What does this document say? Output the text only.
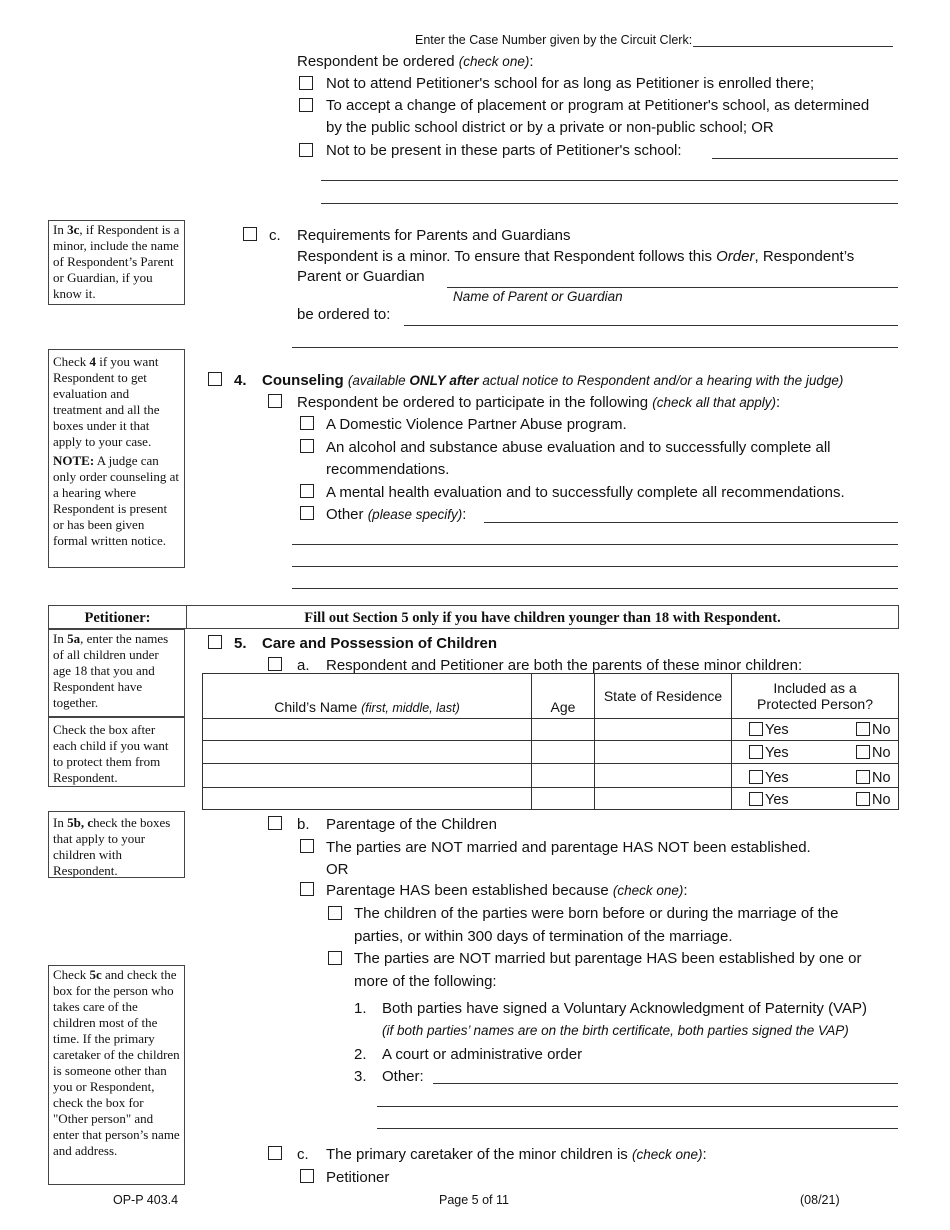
Enter the Case Number given by the Circuit Clerk:
Respondent be ordered (check one):
Not to attend Petitioner's school for as long as Petitioner is enrolled there;
To accept a change of placement or program at Petitioner's school, as determined
by the public school district or by a private or non-public school; OR
Not to be present in these parts of Petitioner's school:
In 3c, if Respondent is a minor, include the name of Respondent’s Parent or Guardian, if you know it.
c. Requirements for Parents and Guardians
Respondent is a minor. To ensure that Respondent follows this Order, Respondent’s
Parent or Guardian
Name of Parent or Guardian
be ordered to:
Check 4 if you want Respondent to get evaluation and treatment and all the boxes under it that apply to your case.
NOTE: A judge can only order counseling at a hearing where Respondent is present or has been given formal written notice.
4. Counseling (available ONLY after actual notice to Respondent and/or a hearing with the judge)
Respondent be ordered to participate in the following (check all that apply):
A Domestic Violence Partner Abuse program.
An alcohol and substance abuse evaluation and to successfully complete all
recommendations.
A mental health evaluation and to successfully complete all recommendations.
Other (please specify):
Petitioner:	Fill out Section 5 only if you have children younger than 18 with Respondent.
In 5a, enter the names of all children under age 18 that you and Respondent have together.
Check the box after each child if you want to protect them from Respondent.
In 5b, check the boxes that apply to your children with Respondent.
Check 5c and check the box for the person who takes care of the children most of the time. If the primary caretaker of the children is someone other than you or Respondent, check the box for "Other person" and enter that person’s name and address.
5. Care and Possession of Children
a. Respondent and Petitioner are both the parents of these minor children:
Child’s Name (first, middle, last)	Age	State of Residence	Included as a Protected Person?

			Yes No

			Yes No

			Yes No

			Yes No
b. Parentage of the Children
The parties are NOT married and parentage HAS NOT been established.
OR
Parentage HAS been established because (check one):
The children of the parties were born before or during the marriage of the
parties, or within 300 days of termination of the marriage.
The parties are NOT married but parentage HAS been established by one or
more of the following:
1. Both parties have signed a Voluntary Acknowledgment of Paternity (VAP)
(if both parties’ names are on the birth certificate, both parties signed the VAP)
2. A court or administrative order
3. Other:
c. The primary caretaker of the minor children is (check one):
Petitioner
OP-P 403.4	Page 5 of 11	(08/21)
